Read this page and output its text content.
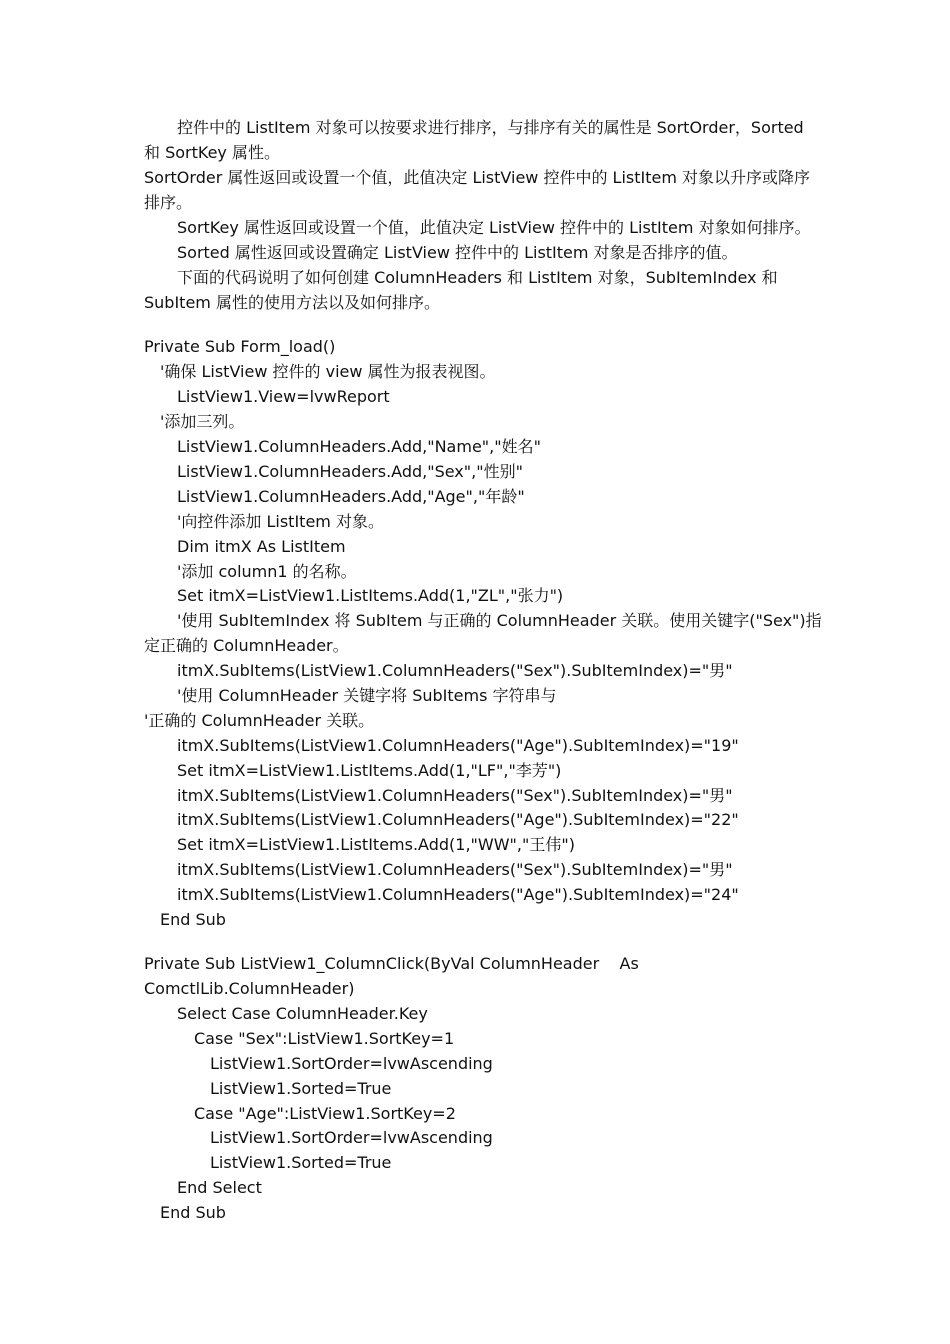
控件中的 ListItem 对象可以按要求进行排序，与排序有关的属性是 SortOrder，Sorted
和 SortKey 属性。
SortOrder 属性返回或设置一个值，此值决定 ListView 控件中的 ListItem 对象以升序或降序
排序。
SortKey 属性返回或设置一个值，此值决定 ListView 控件中的 ListItem 对象如何排序。
Sorted 属性返回或设置确定 ListView 控件中的 ListItem 对象是否排序的值。
下面的代码说明了如何创建 ColumnHeaders 和 ListItem 对象，SubItemIndex 和
SubItem 属性的使用方法以及如何排序。
Private Sub Form_load()
'确保 ListView 控件的 view 属性为报表视图。
ListView1.View=lvwReport
'添加三列。
ListView1.ColumnHeaders.Add,"Name","姓名"
ListView1.ColumnHeaders.Add,"Sex","性别"
ListView1.ColumnHeaders.Add,"Age","年龄"
'向控件添加 ListItem 对象。
Dim itmX As ListItem
'添加 column1 的名称。
Set itmX=ListView1.ListItems.Add(1,"ZL","张力")
'使用 SubItemIndex 将 SubItem 与正确的 ColumnHeader 关联。使用关键字("Sex")指
定正确的 ColumnHeader。
itmX.SubItems(ListView1.ColumnHeaders("Sex").SubItemIndex)="男"
'使用 ColumnHeader 关键字将 SubItems 字符串与
'正确的 ColumnHeader 关联。
itmX.SubItems(ListView1.ColumnHeaders("Age").SubItemIndex)="19"
Set itmX=ListView1.ListItems.Add(1,"LF","李芳")
itmX.SubItems(ListView1.ColumnHeaders("Sex").SubItemIndex)="男"
itmX.SubItems(ListView1.ColumnHeaders("Age").SubItemIndex)="22"
Set itmX=ListView1.ListItems.Add(1,"WW","王伟")
itmX.SubItems(ListView1.ColumnHeaders("Sex").SubItemIndex)="男"
itmX.SubItems(ListView1.ColumnHeaders("Age").SubItemIndex)="24"
End Sub
Private Sub ListView1_ColumnClick(ByVal ColumnHeader    As
ComctlLib.ColumnHeader)
Select Case ColumnHeader.Key
Case "Sex":ListView1.SortKey=1
ListView1.SortOrder=lvwAscending
ListView1.Sorted=True
Case "Age":ListView1.SortKey=2
ListView1.SortOrder=lvwAscending
ListView1.Sorted=True
End Select
End Sub
